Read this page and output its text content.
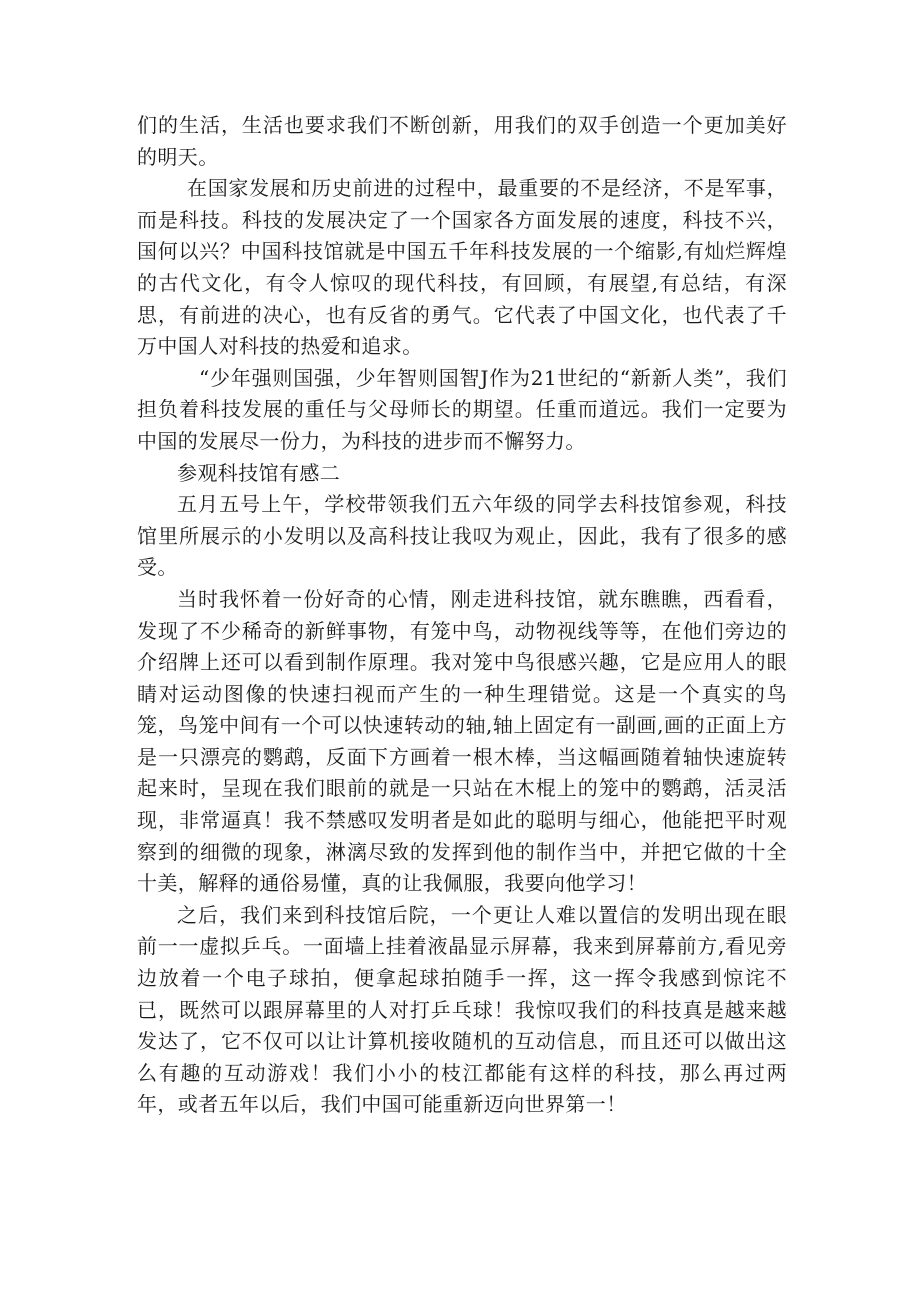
们的生活，生活也要求我们不断创新，用我们的双手创造一个更加美好的明天。

在国家发展和历史前进的过程中，最重要的不是经济，不是军事，而是科技。科技的发展决定了一个国家各方面发展的速度，科技不兴，国何以兴？中国科技馆就是中国五千年科技发展的一个缩影,有灿烂辉煌的古代文化，有令人惊叹的现代科技，有回顾，有展望,有总结，有深思，有前进的决心，也有反省的勇气。它代表了中国文化，也代表了千万中国人对科技的热爱和追求。

“少年强则国强，少年智则国智J作为21世纪的“新新人类”，我们担负着科技发展的重任与父母师长的期望。任重而道远。我们一定要为中国的发展尽一份力，为科技的进步而不懈努力。

参观科技馆有感二

五月五号上午，学校带领我们五六年级的同学去科技馆参观，科技馆里所展示的小发明以及高科技让我叹为观止，因此，我有了很多的感受。

当时我怀着一份好奇的心情，刚走进科技馆，就东瞧瞧，西看看，发现了不少稀奇的新鲜事物，有笼中鸟，动物视线等等，在他们旁边的介绍牌上还可以看到制作原理。我对笼中鸟很感兴趣，它是应用人的眼睛对运动图像的快速扫视而产生的一种生理错觉。这是一个真实的鸟笼，鸟笼中间有一个可以快速转动的轴,轴上固定有一副画,画的正面上方是一只漂亮的鹦鹉，反面下方画着一根木棒，当这幅画随着轴快速旋转起来时，呈现在我们眼前的就是一只站在木棍上的笼中的鹦鹉，活灵活现，非常逼真！我不禁感叹发明者是如此的聪明与细心，他能把平时观察到的细微的现象，淋漓尽致的发挥到他的制作当中，并把它做的十全十美，解释的通俗易懂，真的让我佩服，我要向他学习！

之后，我们来到科技馆后院，一个更让人难以置信的发明出现在眼前一一虚拟乒乓。一面墙上挂着液晶显示屏幕，我来到屏幕前方,看见旁边放着一个电子球拍，便拿起球拍随手一挥，这一挥令我感到惊诧不已，既然可以跟屏幕里的人对打乒乓球！我惊叹我们的科技真是越来越发达了，它不仅可以让计算机接收随机的互动信息，而且还可以做出这么有趣的互动游戏！我们小小的枝江都能有这样的科技，那么再过两年，或者五年以后，我们中国可能重新迈向世界第一！
